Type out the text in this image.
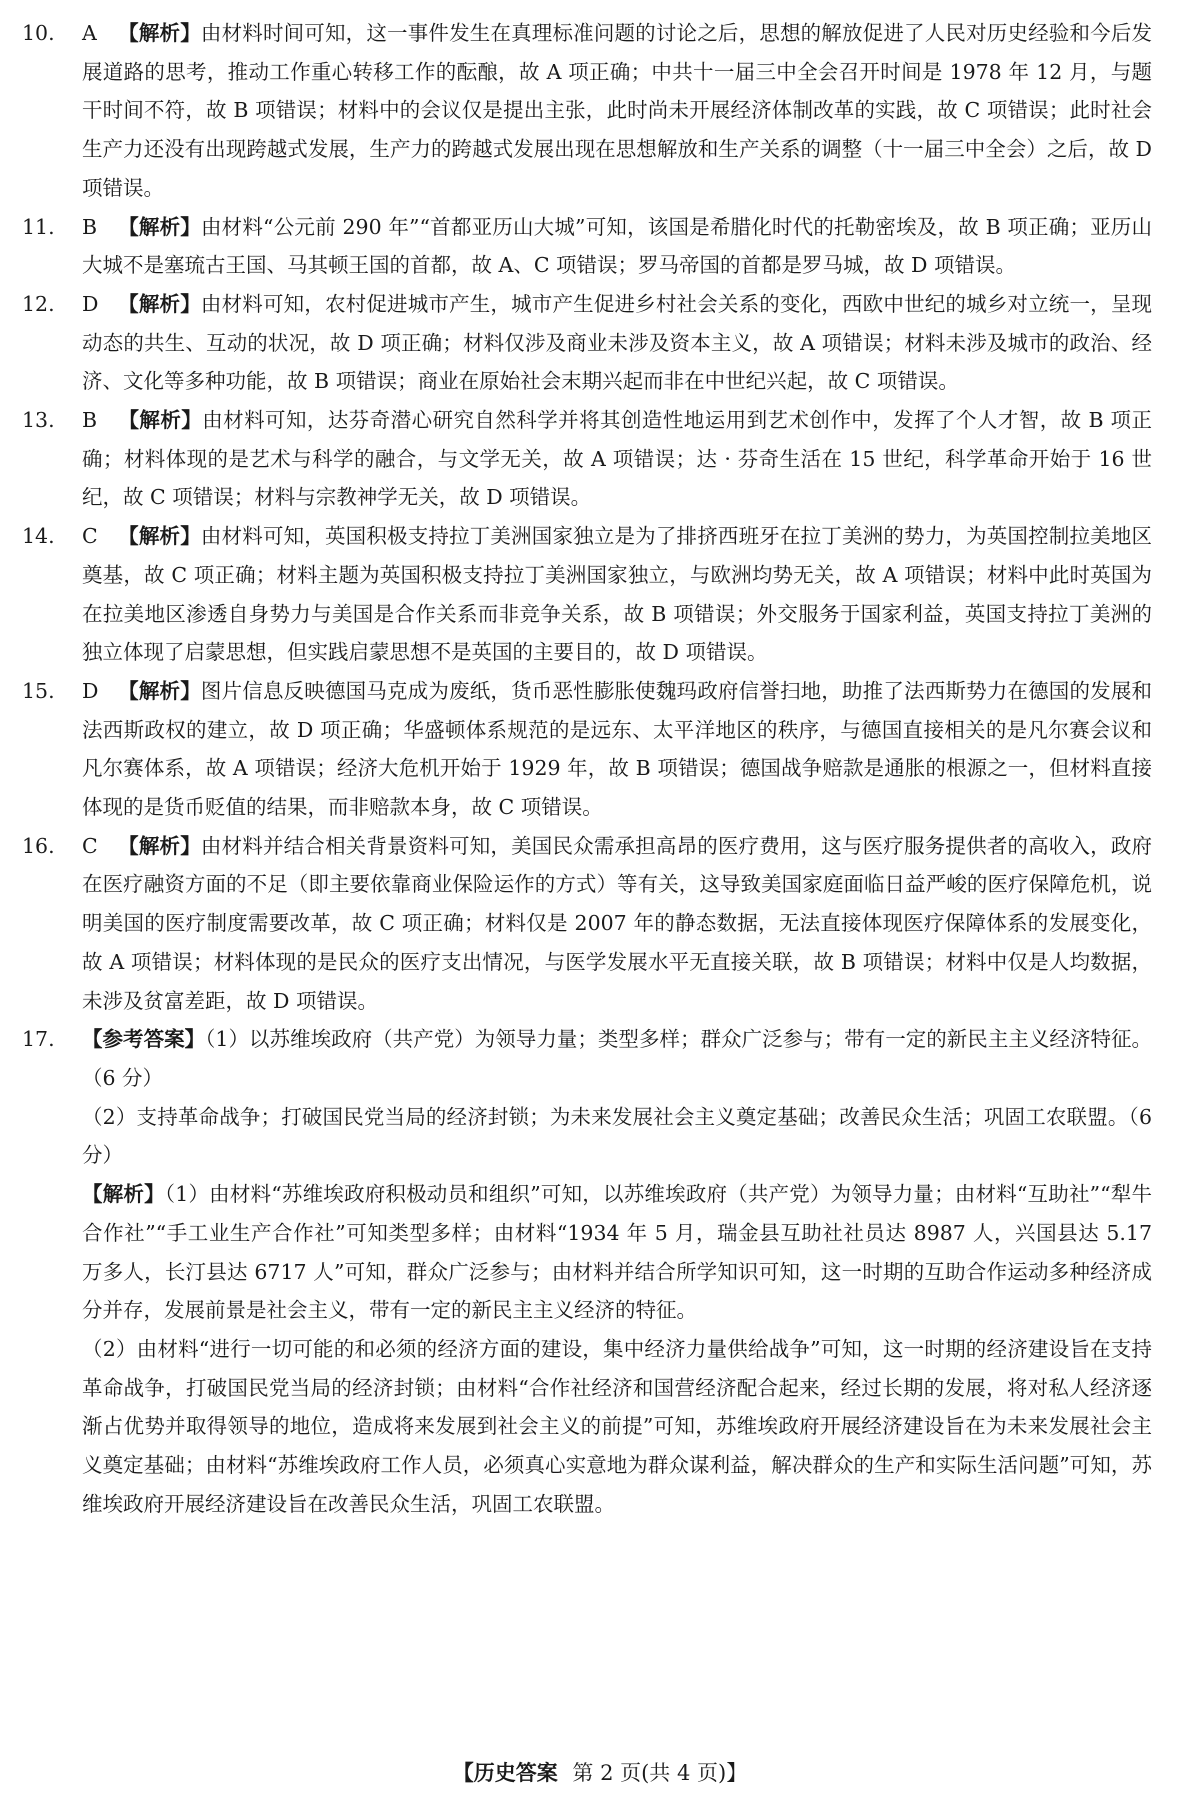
10. A 【解析】由材料时间可知，这一事件发生在真理标准问题的讨论之后，思想的解放促进了人民对历史经验和今后发展道路的思考，推动工作重心转移工作的酝酿，故 A 项正确；中共十一届三中全会召开时间是 1978 年 12 月，与题干时间不符，故 B 项错误；材料中的会议仅是提出主张，此时尚未开展经济体制改革的实践，故 C 项错误；此时社会生产力还没有出现跨越式发展，生产力的跨越式发展出现在思想解放和生产关系的调整（十一届三中全会）之后，故 D 项错误。

11. B 【解析】由材料“公元前 290 年”“首都亚历山大城”可知，该国是希腊化时代的托勒密埃及，故 B 项正确；亚历山大城不是塞琉古王国、马其顿王国的首都，故 A、C 项错误；罗马帝国的首都是罗马城，故 D 项错误。

12. D 【解析】由材料可知，农村促进城市产生，城市产生促进乡村社会关系的变化，西欧中世纪的城乡对立统一，呈现动态的共生、互动的状况，故 D 项正确；材料仅涉及商业未涉及资本主义，故 A 项错误；材料未涉及城市的政治、经济、文化等多种功能，故 B 项错误；商业在原始社会末期兴起而非在中世纪兴起，故 C 项错误。

13. B 【解析】由材料可知，达芬奇潜心研究自然科学并将其创造性地运用到艺术创作中，发挥了个人才智，故 B 项正确；材料体现的是艺术与科学的融合，与文学无关，故 A 项错误；达 · 芬奇生活在 15 世纪，科学革命开始于 16 世纪，故 C 项错误；材料与宗教神学无关，故 D 项错误。

14. C 【解析】由材料可知，英国积极支持拉丁美洲国家独立是为了排挤西班牙在拉丁美洲的势力，为英国控制拉美地区奠基，故 C 项正确；材料主题为英国积极支持拉丁美洲国家独立，与欧洲均势无关，故 A 项错误；材料中此时英国为在拉美地区渗透自身势力与美国是合作关系而非竞争关系，故 B 项错误；外交服务于国家利益，英国支持拉丁美洲的独立体现了启蒙思想，但实践启蒙思想不是英国的主要目的，故 D 项错误。

15. D 【解析】图片信息反映德国马克成为废纸，货币恶性膨胀使魏玛政府信誉扫地，助推了法西斯势力在德国的发展和法西斯政权的建立，故 D 项正确；华盛顿体系规范的是远东、太平洋地区的秩序，与德国直接相关的是凡尔赛会议和凡尔赛体系，故 A 项错误；经济大危机开始于 1929 年，故 B 项错误；德国战争赔款是通胀的根源之一，但材料直接体现的是货币贬值的结果，而非赔款本身，故 C 项错误。

16. C 【解析】由材料并结合相关背景资料可知，美国民众需承担高昂的医疗费用，这与医疗服务提供者的高收入，政府在医疗融资方面的不足（即主要依靠商业保险运作的方式）等有关，这导致美国家庭面临日益严峻的医疗保障危机，说明美国的医疗制度需要改革，故 C 项正确；材料仅是 2007 年的静态数据，无法直接体现医疗保障体系的发展变化，故 A 项错误；材料体现的是民众的医疗支出情况，与医学发展水平无直接关联，故 B 项错误；材料中仅是人均数据，未涉及贫富差距，故 D 项错误。

17. 【参考答案】（1）以苏维埃政府（共产党）为领导力量；类型多样；群众广泛参与；带有一定的新民主主义经济特征。（6 分）

（2）支持革命战争；打破国民党当局的经济封锁；为未来发展社会主义奠定基础；改善民众生活；巩固工农联盟。（6 分）

【解析】（1）由材料“苏维埃政府积极动员和组织”可知，以苏维埃政府（共产党）为领导力量；由材料“互助社”“犁牛合作社”“手工业生产合作社”可知类型多样；由材料“1934 年 5 月，瑞金县互助社社员达 8987 人，兴国县达 5.17 万多人，长汀县达 6717 人”可知，群众广泛参与；由材料并结合所学知识可知，这一时期的互助合作运动多种经济成分并存，发展前景是社会主义，带有一定的新民主主义经济的特征。

（2）由材料“进行一切可能的和必须的经济方面的建设，集中经济力量供给战争”可知，这一时期的经济建设旨在支持革命战争，打破国民党当局的经济封锁；由材料“合作社经济和国营经济配合起来，经过长期的发展，将对私人经济逐渐占优势并取得领导的地位，造成将来发展到社会主义的前提”可知，苏维埃政府开展经济建设旨在为未来发展社会主义奠定基础；由材料“苏维埃政府工作人员，必须真心实意地为群众谋利益，解决群众的生产和实际生活问题”可知，苏维埃政府开展经济建设旨在改善民众生活，巩固工农联盟。

【历史答案 第 2 页(共 4 页)】
